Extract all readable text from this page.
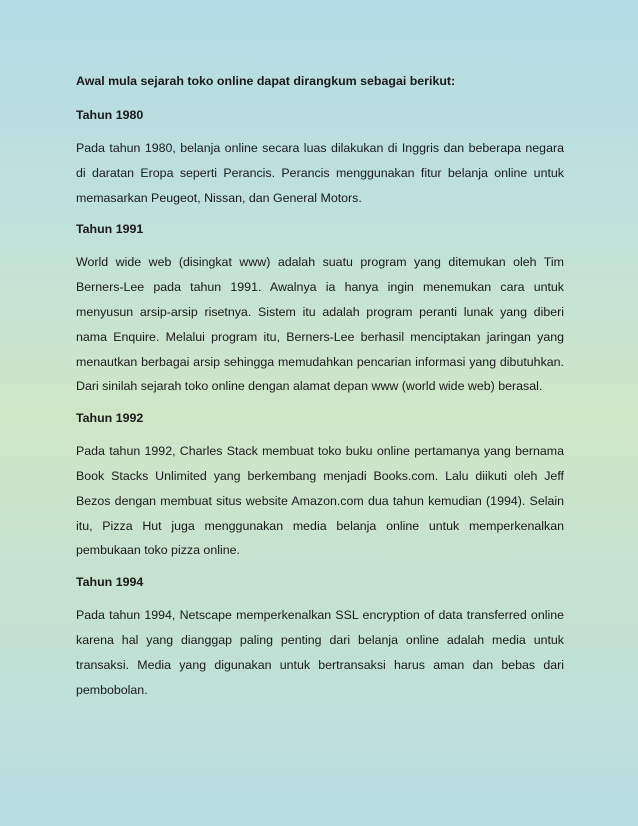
Awal mula sejarah toko online dapat dirangkum sebagai berikut:

Tahun 1980

Pada tahun 1980, belanja online secara luas dilakukan di Inggris dan beberapa negara di daratan Eropa seperti Perancis. Perancis menggunakan fitur belanja online untuk memasarkan Peugeot, Nissan, dan General Motors.

Tahun 1991

World wide web (disingkat www) adalah suatu program yang ditemukan oleh Tim Berners-Lee pada tahun 1991. Awalnya ia hanya ingin menemukan cara untuk menyusun arsip-arsip risetnya. Sistem itu adalah program peranti lunak yang diberi nama Enquire. Melalui program itu, Berners-Lee berhasil menciptakan jaringan yang menautkan berbagai arsip sehingga memudahkan pencarian informasi yang dibutuhkan. Dari sinilah sejarah toko online dengan alamat depan www (world wide web) berasal.

Tahun 1992

Pada tahun 1992, Charles Stack membuat toko buku online pertamanya yang bernama Book Stacks Unlimited yang berkembang menjadi Books.com. Lalu diikuti oleh Jeff Bezos dengan membuat situs website Amazon.com dua tahun kemudian (1994). Selain itu, Pizza Hut juga menggunakan media belanja online untuk memperkenalkan pembukaan toko pizza online.

Tahun 1994

Pada tahun 1994, Netscape memperkenalkan SSL encryption of data transferred online karena hal yang dianggap paling penting dari belanja online adalah media untuk transaksi. Media yang digunakan untuk bertransaksi harus aman dan bebas dari pembobolan.
